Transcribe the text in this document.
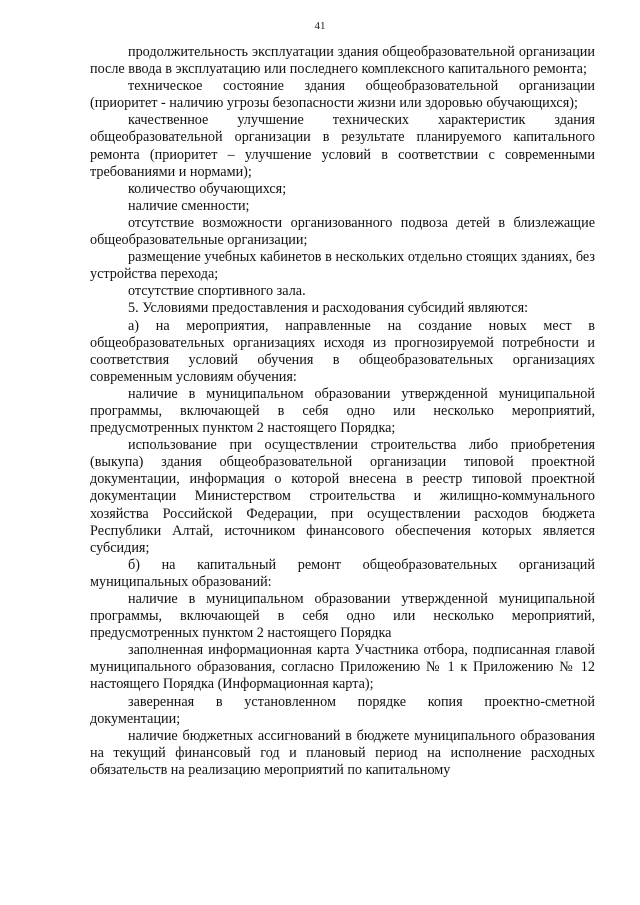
41

продолжительность эксплуатации здания общеобразовательной организации после ввода в эксплуатацию или последнего комплексного капитального ремонта;

техническое состояние здания общеобразовательной организации (приоритет - наличию угрозы безопасности жизни или здоровью обучающихся);

качественное улучшение технических характеристик здания общеобразовательной организации в результате планируемого капитального ремонта (приоритет – улучшение условий в соответствии с современными требованиями и нормами);

количество обучающихся;

наличие сменности;

отсутствие возможности организованного подвоза детей в близлежащие общеобразовательные организации;

размещение учебных кабинетов в нескольких отдельно стоящих зданиях, без устройства перехода;

отсутствие спортивного зала.

5. Условиями предоставления и расходования субсидий являются:

а) на мероприятия, направленные на создание новых мест в общеобразовательных организациях исходя из прогнозируемой потребности и соответствия условий обучения в общеобразовательных организациях современным условиям обучения:

наличие в муниципальном образовании утвержденной муниципальной программы, включающей в себя одно или несколько мероприятий, предусмотренных пунктом 2 настоящего Порядка;

использование при осуществлении строительства либо приобретения (выкупа) здания общеобразовательной организации типовой проектной документации, информация о которой внесена в реестр типовой проектной документации Министерством строительства и жилищно-коммунального хозяйства Российской Федерации, при осуществлении расходов бюджета Республики Алтай, источником финансового обеспечения которых является субсидия;

б) на капитальный ремонт общеобразовательных организаций муниципальных образований:

наличие в муниципальном образовании утвержденной муниципальной программы, включающей в себя одно или несколько мероприятий, предусмотренных пунктом 2 настоящего Порядка

заполненная информационная карта Участника отбора, подписанная главой муниципального образования, согласно Приложению № 1 к Приложению № 12 настоящего Порядка (Информационная карта);

заверенная в установленном порядке копия проектно-сметной документации;

наличие бюджетных ассигнований в бюджете муниципального образования на текущий финансовый год и плановый период на исполнение расходных обязательств на реализацию мероприятий по капитальному
